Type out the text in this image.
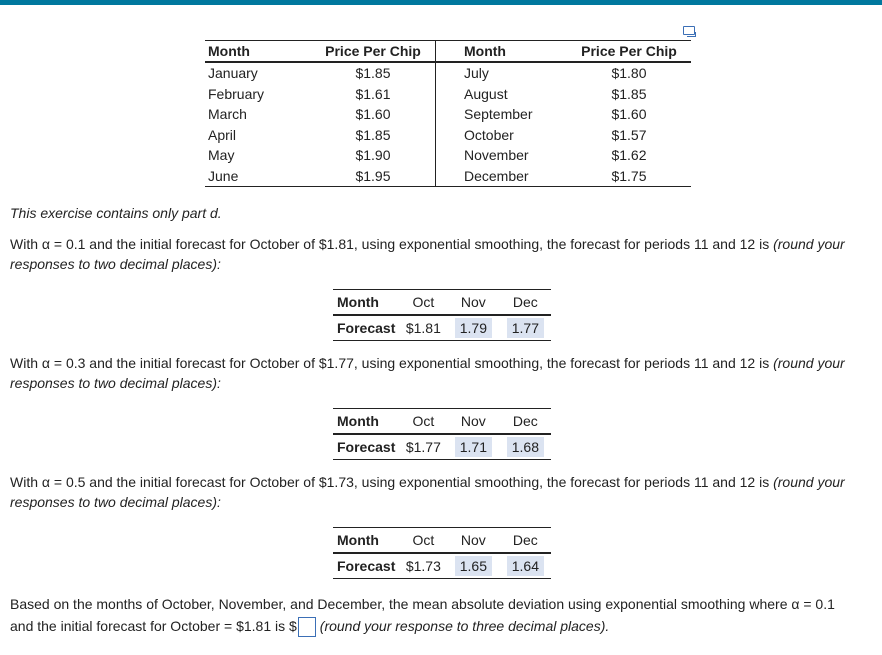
Month	Price Per Chip	Month	Price Per Chip
January	$1.85	July	$1.80
February	$1.61	August	$1.85
March	$1.60	September	$1.60
April	$1.85	October	$1.57
May	$1.90	November	$1.62
June	$1.95	December	$1.75

This exercise contains only part d.

With α = 0.1 and the initial forecast for October of $1.81, using exponential smoothing, the forecast for periods 11 and 12 is (round your

responses to two decimal places):

Month	Oct	Nov	Dec
Forecast	$1.81	1.79	1.77

With α = 0.3 and the initial forecast for October of $1.77, using exponential smoothing, the forecast for periods 11 and 12 is (round your

responses to two decimal places):

Month	Oct	Nov	Dec
Forecast	$1.77	1.71	1.68

With α = 0.5 and the initial forecast for October of $1.73, using exponential smoothing, the forecast for periods 11 and 12 is (round your

responses to two decimal places):

Month	Oct	Nov	Dec
Forecast	$1.73	1.65	1.64

Based on the months of October, November, and December, the mean absolute deviation using exponential smoothing where α = 0.1

and the initial forecast for October = $1.81 is $ (round your response to three decimal places).
